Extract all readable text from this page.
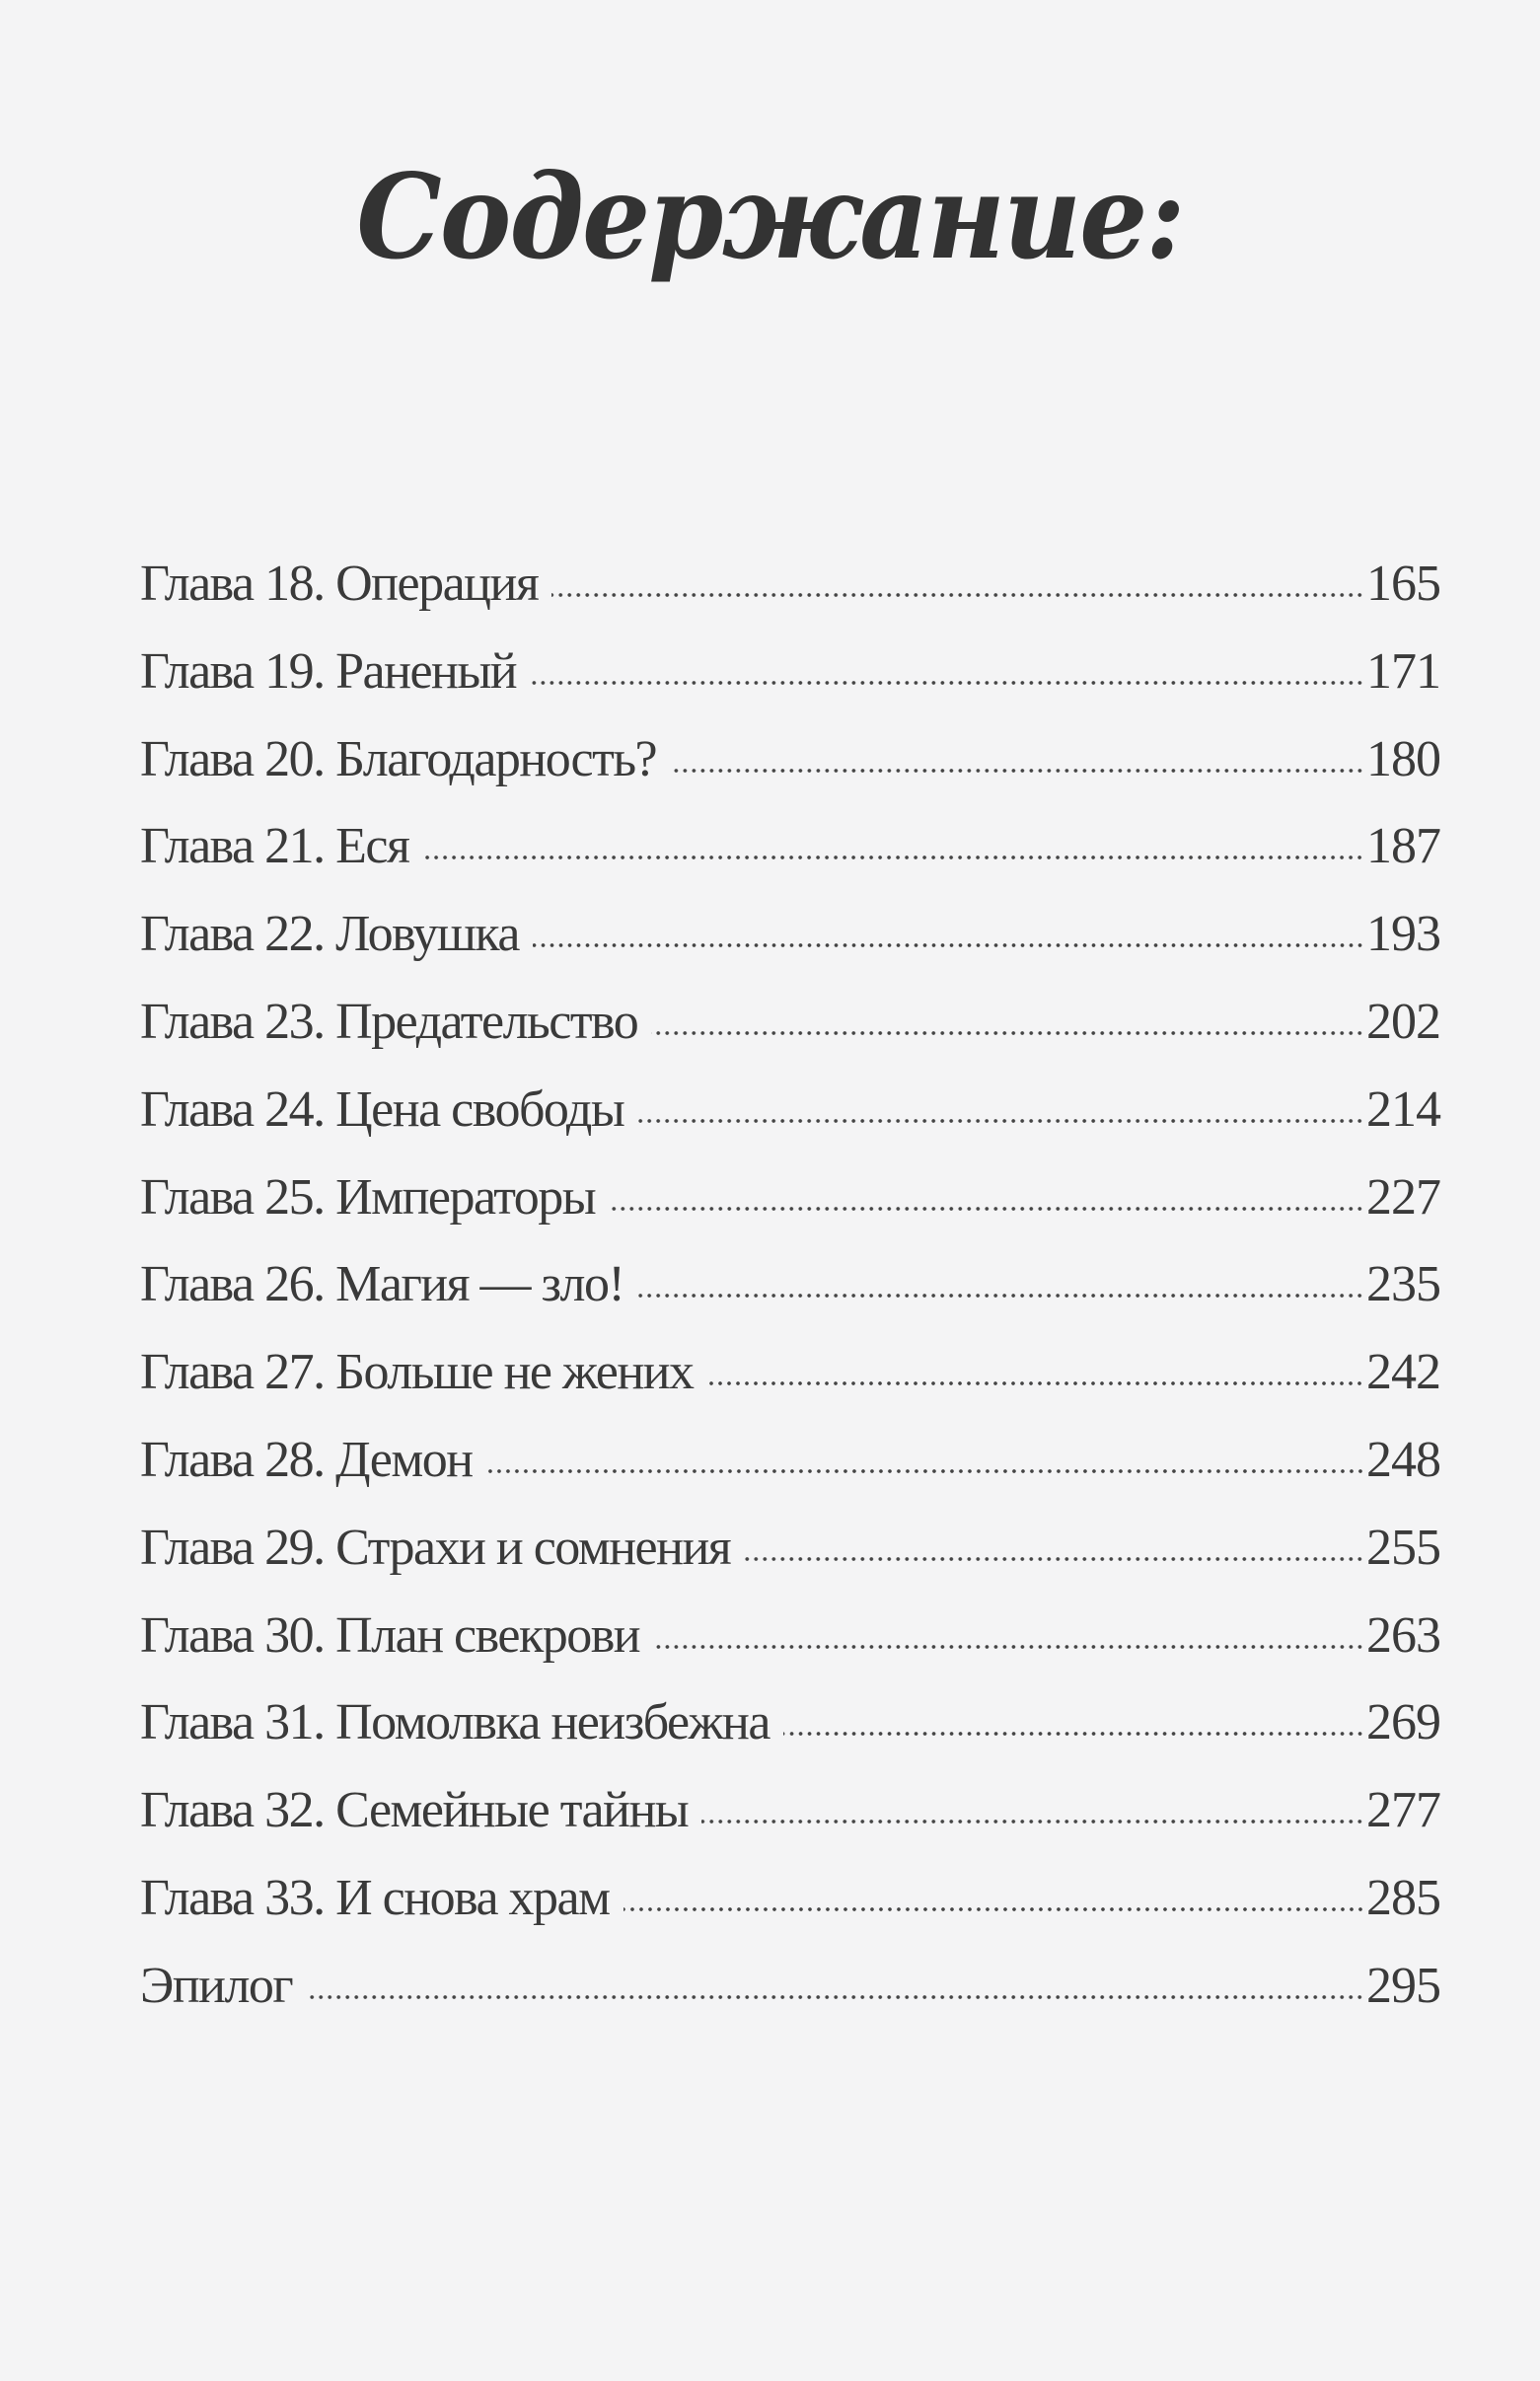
Содержание:
Глава 18. Операция	165
Глава 19. Раненый	171
Глава 20. Благодарность?	180
Глава 21. Еся	187
Глава 22. Ловушка	193
Глава 23. Предательство	202
Глава 24. Цена свободы	214
Глава 25. Императоры	227
Глава 26. Магия — зло!	235
Глава 27. Больше не жених	242
Глава 28. Демон	248
Глава 29. Страхи и сомнения	255
Глава 30. План свекрови	263
Глава 31. Помолвка неизбежна	269
Глава 32. Семейные тайны	277
Глава 33. И снова храм	285
Эпилог	295
